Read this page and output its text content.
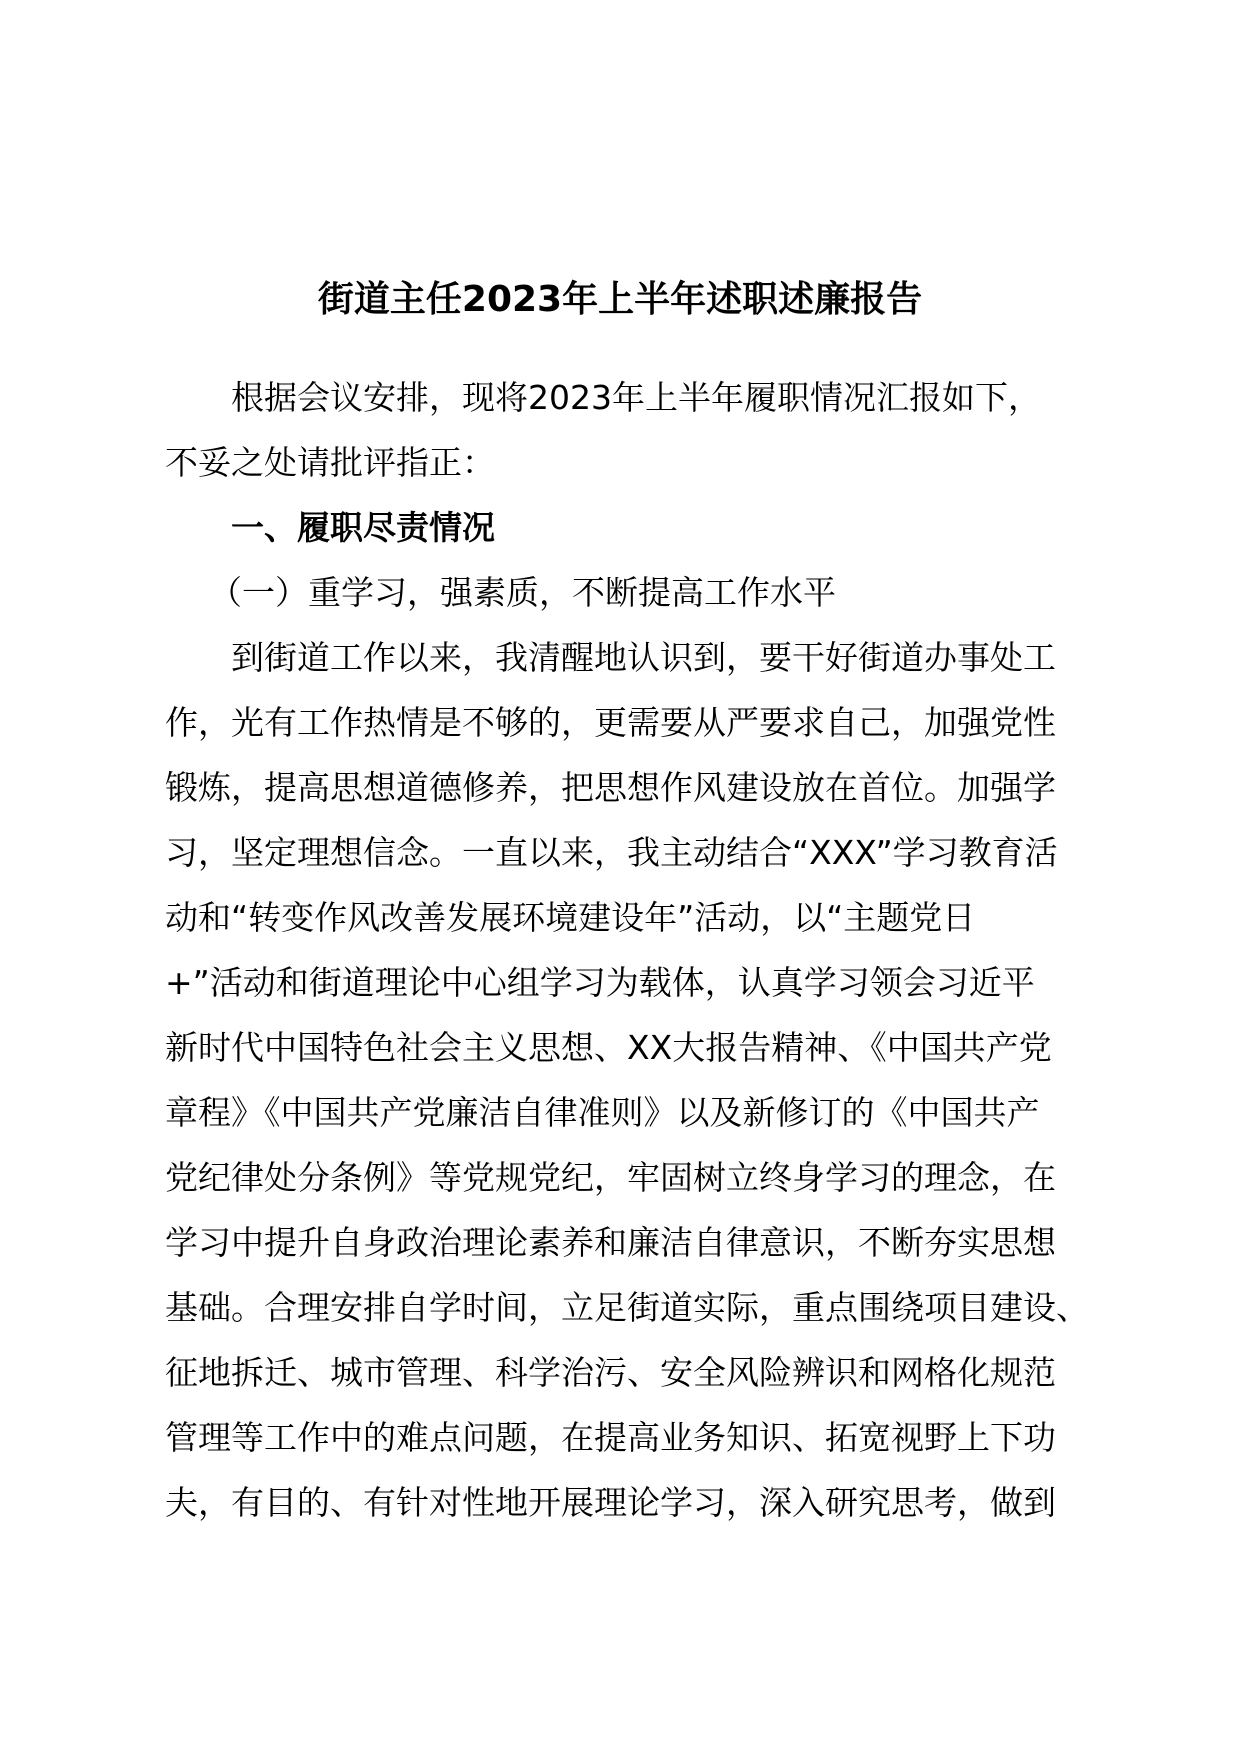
街道主任2023年上半年述职述廉报告
根据会议安排，现将2023年上半年履职情况汇报如下，
不妥之处请批评指正：
一、履职尽责情况
（一）重学习，强素质，不断提高工作水平
到街道工作以来，我清醒地认识到，要干好街道办事处工
作，光有工作热情是不够的，更需要从严要求自己，加强党性
锻炼，提高思想道德修养，把思想作风建设放在首位。加强学
习，坚定理想信念。一直以来，我主动结合“XXX”学习教育活
动和“转变作风改善发展环境建设年”活动，以“主题党日
+”活动和街道理论中心组学习为载体，认真学习领会习近平
新时代中国特色社会主义思想、XX大报告精神、《中国共产党
章程》《中国共产党廉洁自律准则》以及新修订的《中国共产
党纪律处分条例》等党规党纪，牢固树立终身学习的理念，在
学习中提升自身政治理论素养和廉洁自律意识，不断夯实思想
基础。合理安排自学时间，立足街道实际，重点围绕项目建设、
征地拆迁、城市管理、科学治污、安全风险辨识和网格化规范
管理等工作中的难点问题，在提高业务知识、拓宽视野上下功
夫，有目的、有针对性地开展理论学习，深入研究思考，做到
